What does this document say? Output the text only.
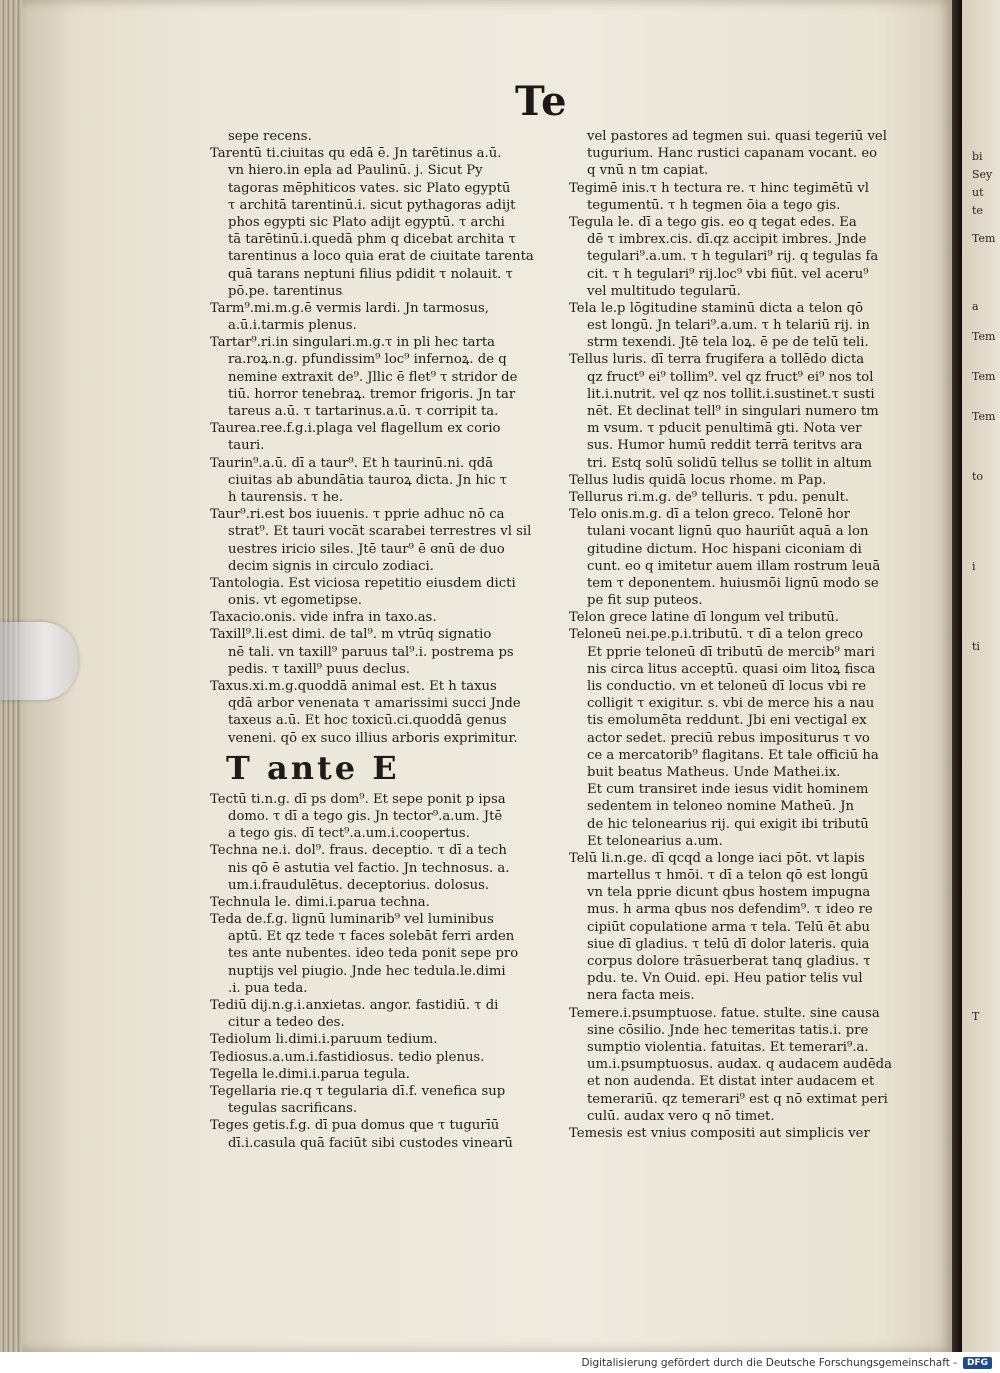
bi
Sey
ut
te
Tem
a
Tem
Tem
Tem
to
i
ti
T
Te
sepe recens.
Tarentū ti.ciuitas qu edā ē. Jn tarētinus a.ū.
vn hiero.in epla ad Paulinū. j. Sicut Py
tagoras mēphiticos vates. sic Plato egyptū
τ architā tarentinū.i. sicut pythagoras adijt
phos egypti sic Plato adijt egyptū. τ archi
tā tarētinū.i.quedā phm q dicebat archita τ
tarentinus a loco quia erat de ciuitate tarenta
quā tarans neptuni filius pdidit τ nolauit. τ
pō.pe. tarentinus
Tarm⁹.mi.m.g.ē vermis lardi. Jn tarmosus,
a.ū.i.tarmis plenus.
Tartar⁹.ri.in singulari.m.g.τ in pli hec tarta
ra.roꝝ.n.g. pfundissim⁹ loc⁹ infernoꝝ. de q
nemine extraxit de⁹. Jllic ē flet⁹ τ stridor de
tiū. horror tenebraꝝ. tremor frigoris. Jn tar
tareus a.ū. τ tartarinus.a.ū. τ corripit ta.
Taurea.ree.f.g.i.plaga vel flagellum ex corio
tauri.
Taurin⁹.a.ū. dī a taur⁹. Et h taurinū.ni. qdā
ciuitas ab abundātia tauroꝝ dicta. Jn hic τ
h taurensis. τ he.
Taur⁹.ri.est bos iuuenis. τ pprie adhuc nō ca
strat⁹. Et tauri vocāt scarabei terrestres vl sil
uestres iricio siles. Jtē taur⁹ ē ɞnū de duo
decim signis in circulo zodiaci.
Tantologia. Est viciosa repetitio eiusdem dicti
onis. vt egometipse.
Taxacio.onis. vide infra in taxo.as.
Taxill⁹.li.est dimi. de tal⁹. m vtrūq signatio
nē tali. vn taxill⁹ paruus tal⁹.i. postrema ps
pedis. τ taxill⁹ puus declus.
Taxus.xi.m.g.quoddā animal est. Et h taxus
qdā arbor venenata τ amarissimi succi Jnde
taxeus a.ū. Et hoc toxicū.ci.quoddā genus
veneni. qō ex suco illius arboris exprimitur.
T ante E
Tectū ti.n.g. dī ps dom⁹. Et sepe ponit p ipsa
domo. τ dī a tego gis. Jn tector⁹.a.um. Jtē
a tego gis. dī tect⁹.a.um.i.coopertus.
Techna ne.i. dol⁹. fraus. deceptio. τ dī a tech
nis qō ē astutia vel factio. Jn technosus. a.
um.i.fraudulētus. deceptorius. dolosus.
Technula le. dimi.i.parua techna.
Teda de.f.g. lignū luminarib⁹ vel luminibus
aptū. Et qz tede τ faces solebāt ferri arden
tes ante nubentes. ideo teda ponit sepe pro
nuptijs vel piugio. Jnde hec tedula.le.dimi
.i. pua teda.
Tediū dij.n.g.i.anxietas. angor. fastidiū. τ di
citur a tedeo des.
Tediolum li.dimi.i.paruum tedium.
Tediosus.a.um.i.fastidiosus. tedio plenus.
Tegella le.dimi.i.parua tegula.
Tegellaria rie.q τ tegularia dī.f. venefica sup
tegulas sacrificans.
Teges getis.f.g. dī pua domus que τ tugurīū
dī.i.casula quā faciūt sibi custodes vinearū
vel pastores ad tegmen sui. quasi tegeriū vel
tugurium. Hanc rustici capanam vocant. eo
q vnū n tm capiat.
Tegimē inis.τ h tectura re. τ hinc tegimētū vl
tegumentū. τ h tegmen ōia a tego gis.
Tegula le. dī a tego gis. eo q tegat edes. Ea
dē τ imbrex.cis. dī.qz accipit imbres. Jnde
tegulari⁹.a.um. τ h tegulari⁹ rij. q tegulas fa
cit. τ h tegulari⁹ rij.loc⁹ vbi fiūt. vel aceru⁹
vel multitudo tegularū.
Tela le.p lōgitudine staminū dicta a telon qō
est longū. Jn telari⁹.a.um. τ h telariū rij. in
strm texendi. Jtē tela loꝝ. ē pe de telū teli.
Tellus luris. dī terra frugifera a tollēdo dicta
qz fruct⁹ ei⁹ tollim⁹. vel qz fruct⁹ ei⁹ nos tol
lit.i.nutrit. vel qz nos tollit.i.sustinet.τ susti
nēt. Et declinat tell⁹ in singulari numero tm
m vsum. τ pducit penultimā gti. Nota ver
sus. Humor humū reddit terrā teritvs ara
tri. Estq solū solidū tellus se tollit in altum
Tellus ludis quidā locus rhome. m Pap.
Tellurus ri.m.g. de⁹ telluris. τ pdu. penult.
Telo onis.m.g. dī a telon greco. Telonē hor
tulani vocant lignū quo hauriūt aquā a lon
gitudine dictum. Hoc hispani ciconiam di
cunt. eo q imitetur auem illam rostrum leuā
tem τ deponentem. huiusmōi lignū modo se
pe fit sup puteos.
Telon grece latine dī longum vel tributū.
Teloneū nei.pe.p.i.tributū. τ dī a telon greco
Et pprie teloneū dī tributū de mercib⁹ mari
nis circa litus acceptū. quasi oim litoꝝ fisca
lis conductio. vn et teloneū dī locus vbi re
colligit τ exigitur. s. vbi de merce his a nau
tis emolumēta reddunt. Jbi eni vectigal ex
actor sedet. preciū rebus impositurus τ vo
ce a mercatorib⁹ flagitans. Et tale officiū ha
buit beatus Matheus. Unde Mathei.ix.
Et cum transiret inde iesus vidit hominem
sedentem in teloneo nomine Matheū. Jn
de hic telonearius rij. qui exigit ibi tributū
Et telonearius a.um.
Telū li.n.ge. dī qcqd a longe iaci pōt. vt lapis
martellus τ hmōi. τ dī a telon qō est longū
vn tela pprie dicunt qbus hostem impugna
mus. h arma qbus nos defendim⁹. τ ideo re
cipiūt copulatione arma τ tela. Telū ēt abu
siue dī gladius. τ telū dī dolor lateris. quia
corpus dolore trāsuerberat tanq gladius. τ
pdu. te. Vn Ouid. epi. Heu patior telis vul
nera facta meis.
Temere.i.psumptuose. fatue. stulte. sine causa
sine cōsilio. Jnde hec temeritas tatis.i. pre
sumptio violentia. fatuitas. Et temerari⁹.a.
um.i.psumptuosus. audax. q audacem audēda
et non audenda. Et distat inter audacem et
temerariū. qz temerari⁹ est q nō extimat peri
culū. audax vero q nō timet.
Temesis est vnius compositi aut simplicis ver
Digitalisierung gefördert durch die Deutsche Forschungsgemeinschaft -	DFG
